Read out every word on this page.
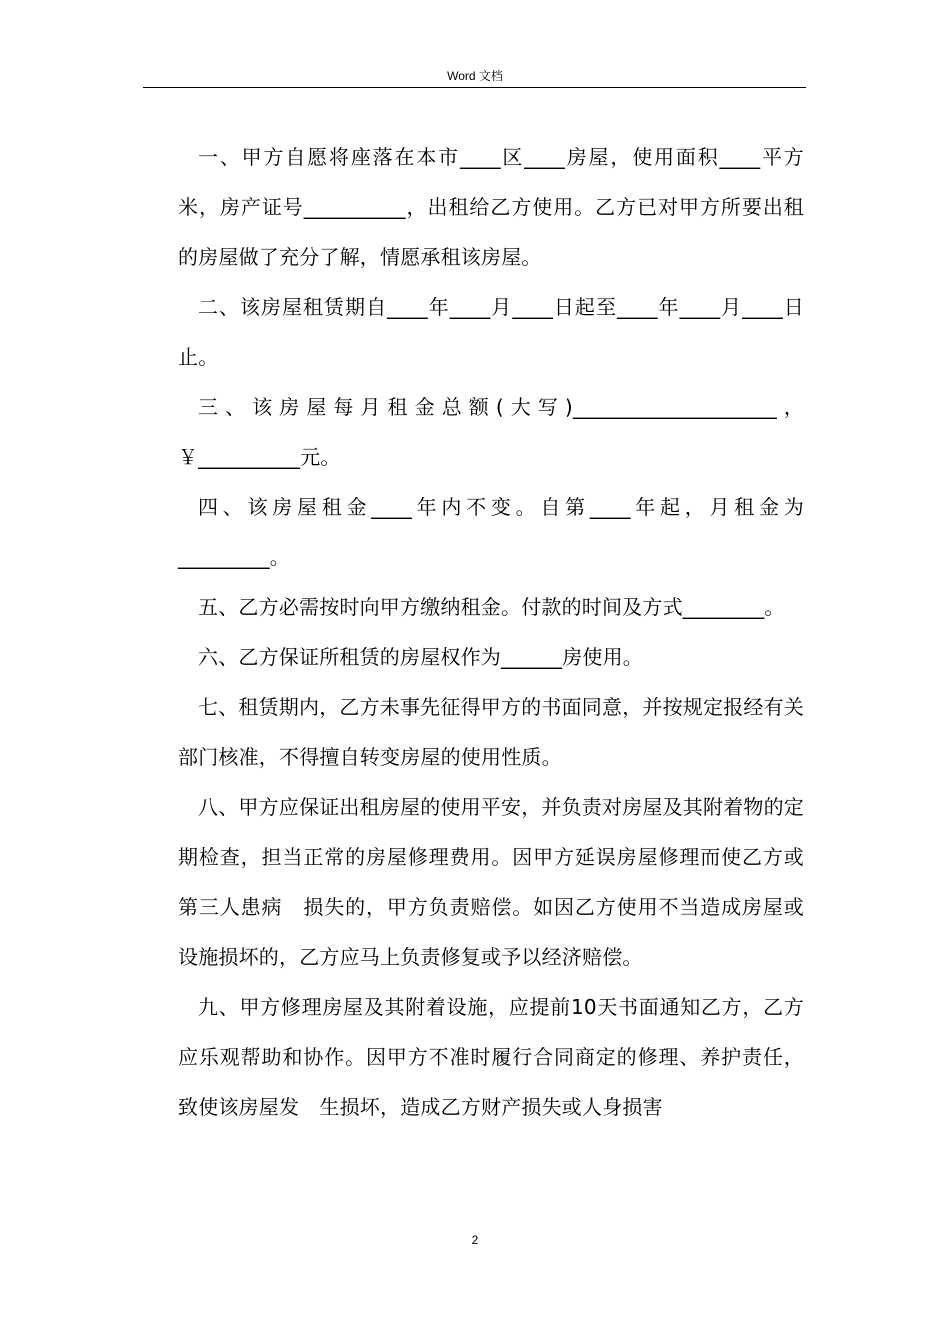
Word 文档

一、甲方自愿将座落在本市____区____房屋，使用面积____平方米，房产证号__________，出租给乙方使用。乙方已对甲方所要出租的房屋做了充分了解，情愿承租该房屋。

二、该房屋租赁期自____年____月____日起至____年____月____日止。

三、该房屋每月租金总额(大写)____________________，￥__________元。

四、该房屋租金____年内不变。自第____年起，月租金为_________。

五、乙方必需按时向甲方缴纳租金。付款的时间及方式________。

六、乙方保证所租赁的房屋权作为______房使用。

七、租赁期内，乙方未事先征得甲方的书面同意，并按规定报经有关部门核准，不得擅自转变房屋的使用性质。

八、甲方应保证出租房屋的使用平安，并负责对房屋及其附着物的定期检查，担当正常的房屋修理费用。因甲方延误房屋修理而使乙方或第三人患病　损失的，甲方负责赔偿。如因乙方使用不当造成房屋或设施损坏的，乙方应马上负责修复或予以经济赔偿。

九、甲方修理房屋及其附着设施，应提前10天书面通知乙方，乙方应乐观帮助和协作。因甲方不准时履行合同商定的修理、养护责任，致使该房屋发　生损坏，造成乙方财产损失或人身损害

2
